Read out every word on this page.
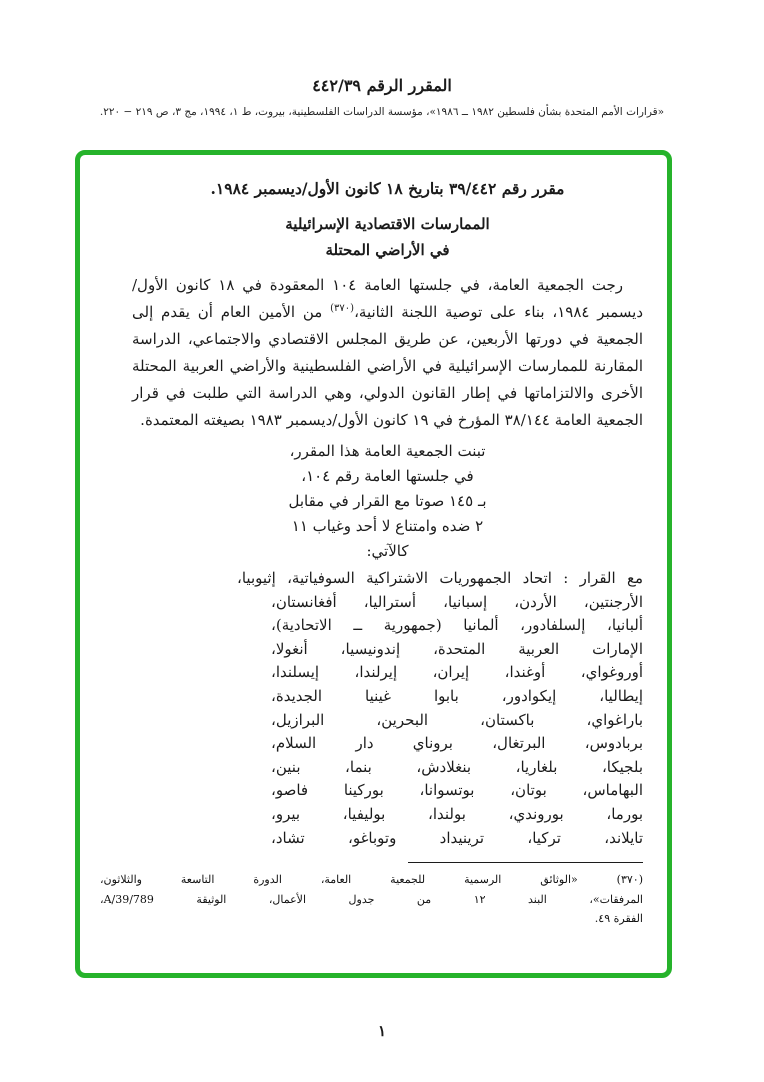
المقرر الرقم ٤٤٢/٣٩
«قرارات الأمم المتحدة بشأن فلسطين ١٩٨٢ ــ ١٩٨٦»، مؤسسة الدراسات الفلسطينية، بيروت، ط ١، ١٩٩٤، مج ٣، ص ٢١٩ − ٢٢٠.
مقرر رقم ٣٩/٤٤٢ بتاريخ ١٨ كانون الأول/ديسمبر ١٩٨٤.
الممارسات الاقتصادية الإسرائيلية
في الأراضي المحتلة

رجت الجمعية العامة، في جلستها العامة ١٠٤ المعقودة في ١٨ كانون الأول/ديسمبر ١٩٨٤، بناء على توصية اللجنة الثانية،$^{(٣٧٠)}$ من الأمين العام أن يقدم إلى الجمعية في دورتها الأربعين، عن طريق المجلس الاقتصادي والاجتماعي، الدراسة المقارنة للممارسات الإسرائيلية في الأراضي الفلسطينية والأراضي العربية المحتلة الأخرى والالتزاماتها في إطار القانون الدولي، وهي الدراسة التي طلبت في قرار الجمعية العامة ٣٨/١٤٤ المؤرخ في ١٩ كانون الأول/ديسمبر ١٩٨٣ بصيغته المعتمدة.

تبنت الجمعية العامة هذا المقرر،
في جلستها العامة رقم ١٠٤،
بـ ١٤٥ صوتا مع القرار في مقابل
٢ ضده وامتناع لا أحد وغياب ١١
كالآتي:
مع القرار : اتحاد الجمهوريات الاشتراكية السوفياتية، إثيوبيا،
الأرجنتين، الأردن، إسبانيا، أستراليا، أفغانستان،
ألبانيا، إلسلفادور، ألمانيا (جمهورية ــ الاتحادية)،
الإمارات العربية المتحدة، إندونيسيا، أنغولا،
أوروغواي، أوغندا، إيران، إيرلندا، إيسلندا،
إيطاليا، إيكوادور، بابوا غينيا الجديدة،
باراغواي، باكستان، البحرين، البرازيل،
بربادوس، البرتغال، بروناي دار السلام،
بلجيكا، بلغاريا، بنغلادش، بنما، بنين،
البهاماس، بوتان، بوتسوانا، بوركينا فاصو،
بورما، بوروندي، بولندا، بوليفيا، بيرو،
تايلاند، تركيا، ترينيداد وتوباغو، تشاد،
(٣٧٠) «الوثائق الرسمية للجمعية العامة، الدورة التاسعة والثلاثون،
المرفقات»، البند ١٢ من جدول الأعمال، الوثيقة A/39/789،
الفقرة ٤٩.
١
